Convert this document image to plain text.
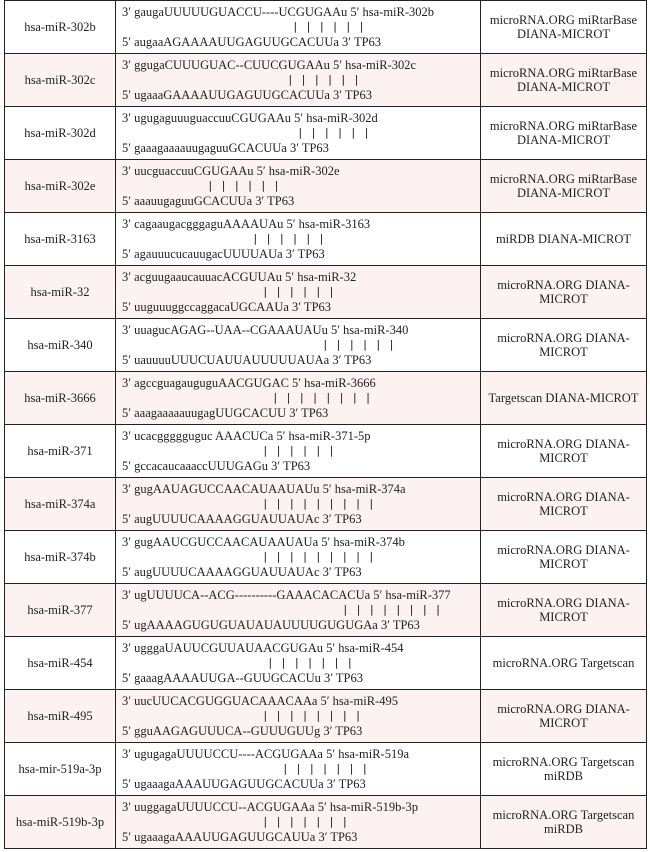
hsa-miR-302b	3′ gaugaUUUUUGUACCU----UCGUGAAu 5′ hsa-miR-302b
| | | | | |
5′ augaaAGAAAAUUGAGUUGCACUUa 3′ TP63	microRNA.ORG miRtarBase DIANA-MICROT
hsa-miR-302c	3′ ggugaCUUUGUAC--CUUCGUGAAu 5′ hsa-miR-302c
| | | | | |
5′ ugaaaGAAAAUUGAGUUGCACUUa 3′ TP63	microRNA.ORG miRtarBase DIANA-MICROT
hsa-miR-302d	3′ ugugaguuuguaccuuCGUGAAu 5′ hsa-miR-302d
| | | | | |
5′ gaaagaaaauugaguuGCACUUa 3′ TP63	microRNA.ORG miRtarBase DIANA-MICROT
hsa-miR-302e	3′ uucguaccuuCGUGAAu 5′ hsa-miR-302e
| | | | | |
5′ aaauugaguuGCACUUa 3′ TP63	microRNA.ORG miRtarBase DIANA-MICROT
hsa-miR-3163	3′ cagaaugacgggaguAAAAUAu 5′ hsa-miR-3163
| | | | | |
5′ agauuucucauugacUUUUAUa 3′ TP63	miRDB DIANA-MICROT
hsa-miR-32	3′ acguugaaucauuacACGUUAu 5′ hsa-miR-32
| | | | | |
5′ uuguuuggccaggacaUGCAAUa 3′ TP63	microRNA.ORG DIANA-MICROT
hsa-miR-340	3′ uuagucAGAG--UAA--CGAAAUAUu 5′ hsa-miR-340
| | | | | |
5′ uauuuuUUUCUAUUAUUUUUAUAa 3′ TP63	microRNA.ORG DIANA-MICROT
hsa-miR-3666	3′ agccguagauguguAACGUGAC 5′ hsa-miR-3666
| | | | | | | |
5′ aaagaaaaauugagUUGCACUU 3′ TP63	Targetscan DIANA-MICROT
hsa-miR-371	3′ ucacggggguguc AAACUCa 5′ hsa-miR-371-5p
| | | | | |
5′ gccacaucaaaccUUUGAGu 3′ TP63	microRNA.ORG DIANA-MICROT
hsa-miR-374a	3′ gugAAUAGUCCAACAUAAUAUu 5′ hsa-miR-374a
| | | | | | | | |
5′ augUUUUCAAAAGGUAUUAUAc 3′ TP63	microRNA.ORG DIANA-MICROT
hsa-miR-374b	3′ gugAAUCGUCCAACAUAAUAUa 5′ hsa-miR-374b
| | | | | | | | |
5′ augUUUUCAAAAGGUAUUAUAc 3′ TP63	microRNA.ORG DIANA-MICROT
hsa-miR-377	3′ ugUUUUCA--ACG----------GAAACACACUa 5′ hsa-miR-377
| | | | | | | |
5′ ugAAAAGUGUGUAUAUAUUUUGUGUGAa 3′ TP63	microRNA.ORG DIANA-MICROT
hsa-miR-454	3′ ugggaUAUUCGUUAUAACGUGAu 5′ hsa-miR-454
| | | | | | |
5′ gaaagAAAAUUGA--GUUGCACUu 3′ TP63	microRNA.ORG Targetscan
hsa-miR-495	3′ uucUUCACGUGGUACAAACAAa 5′ hsa-miR-495
| | | | | | | |
5′ gguAAGAGUUUCA--GUUUGUUg 3′ TP63	microRNA.ORG DIANA-MICROT
hsa-mir-519a-3p	3′ ugugagaUUUUCCU----ACGUGAAa 5′ hsa-miR-519a
| | | | | | |
5′ ugaaagaAAAUUGAGUUGCACUUa 3′ TP63	microRNA.ORG Targetscan miRDB
hsa-miR-519b-3p	3′ uuggagaUUUUCCU--ACGUGAAa 5′ hsa-miR-519b-3p
| | | | | | |
5′ ugaaagaAAAUUGAGUUGCAUUa 3′ TP63	microRNA.ORG Targetscan miRDB
